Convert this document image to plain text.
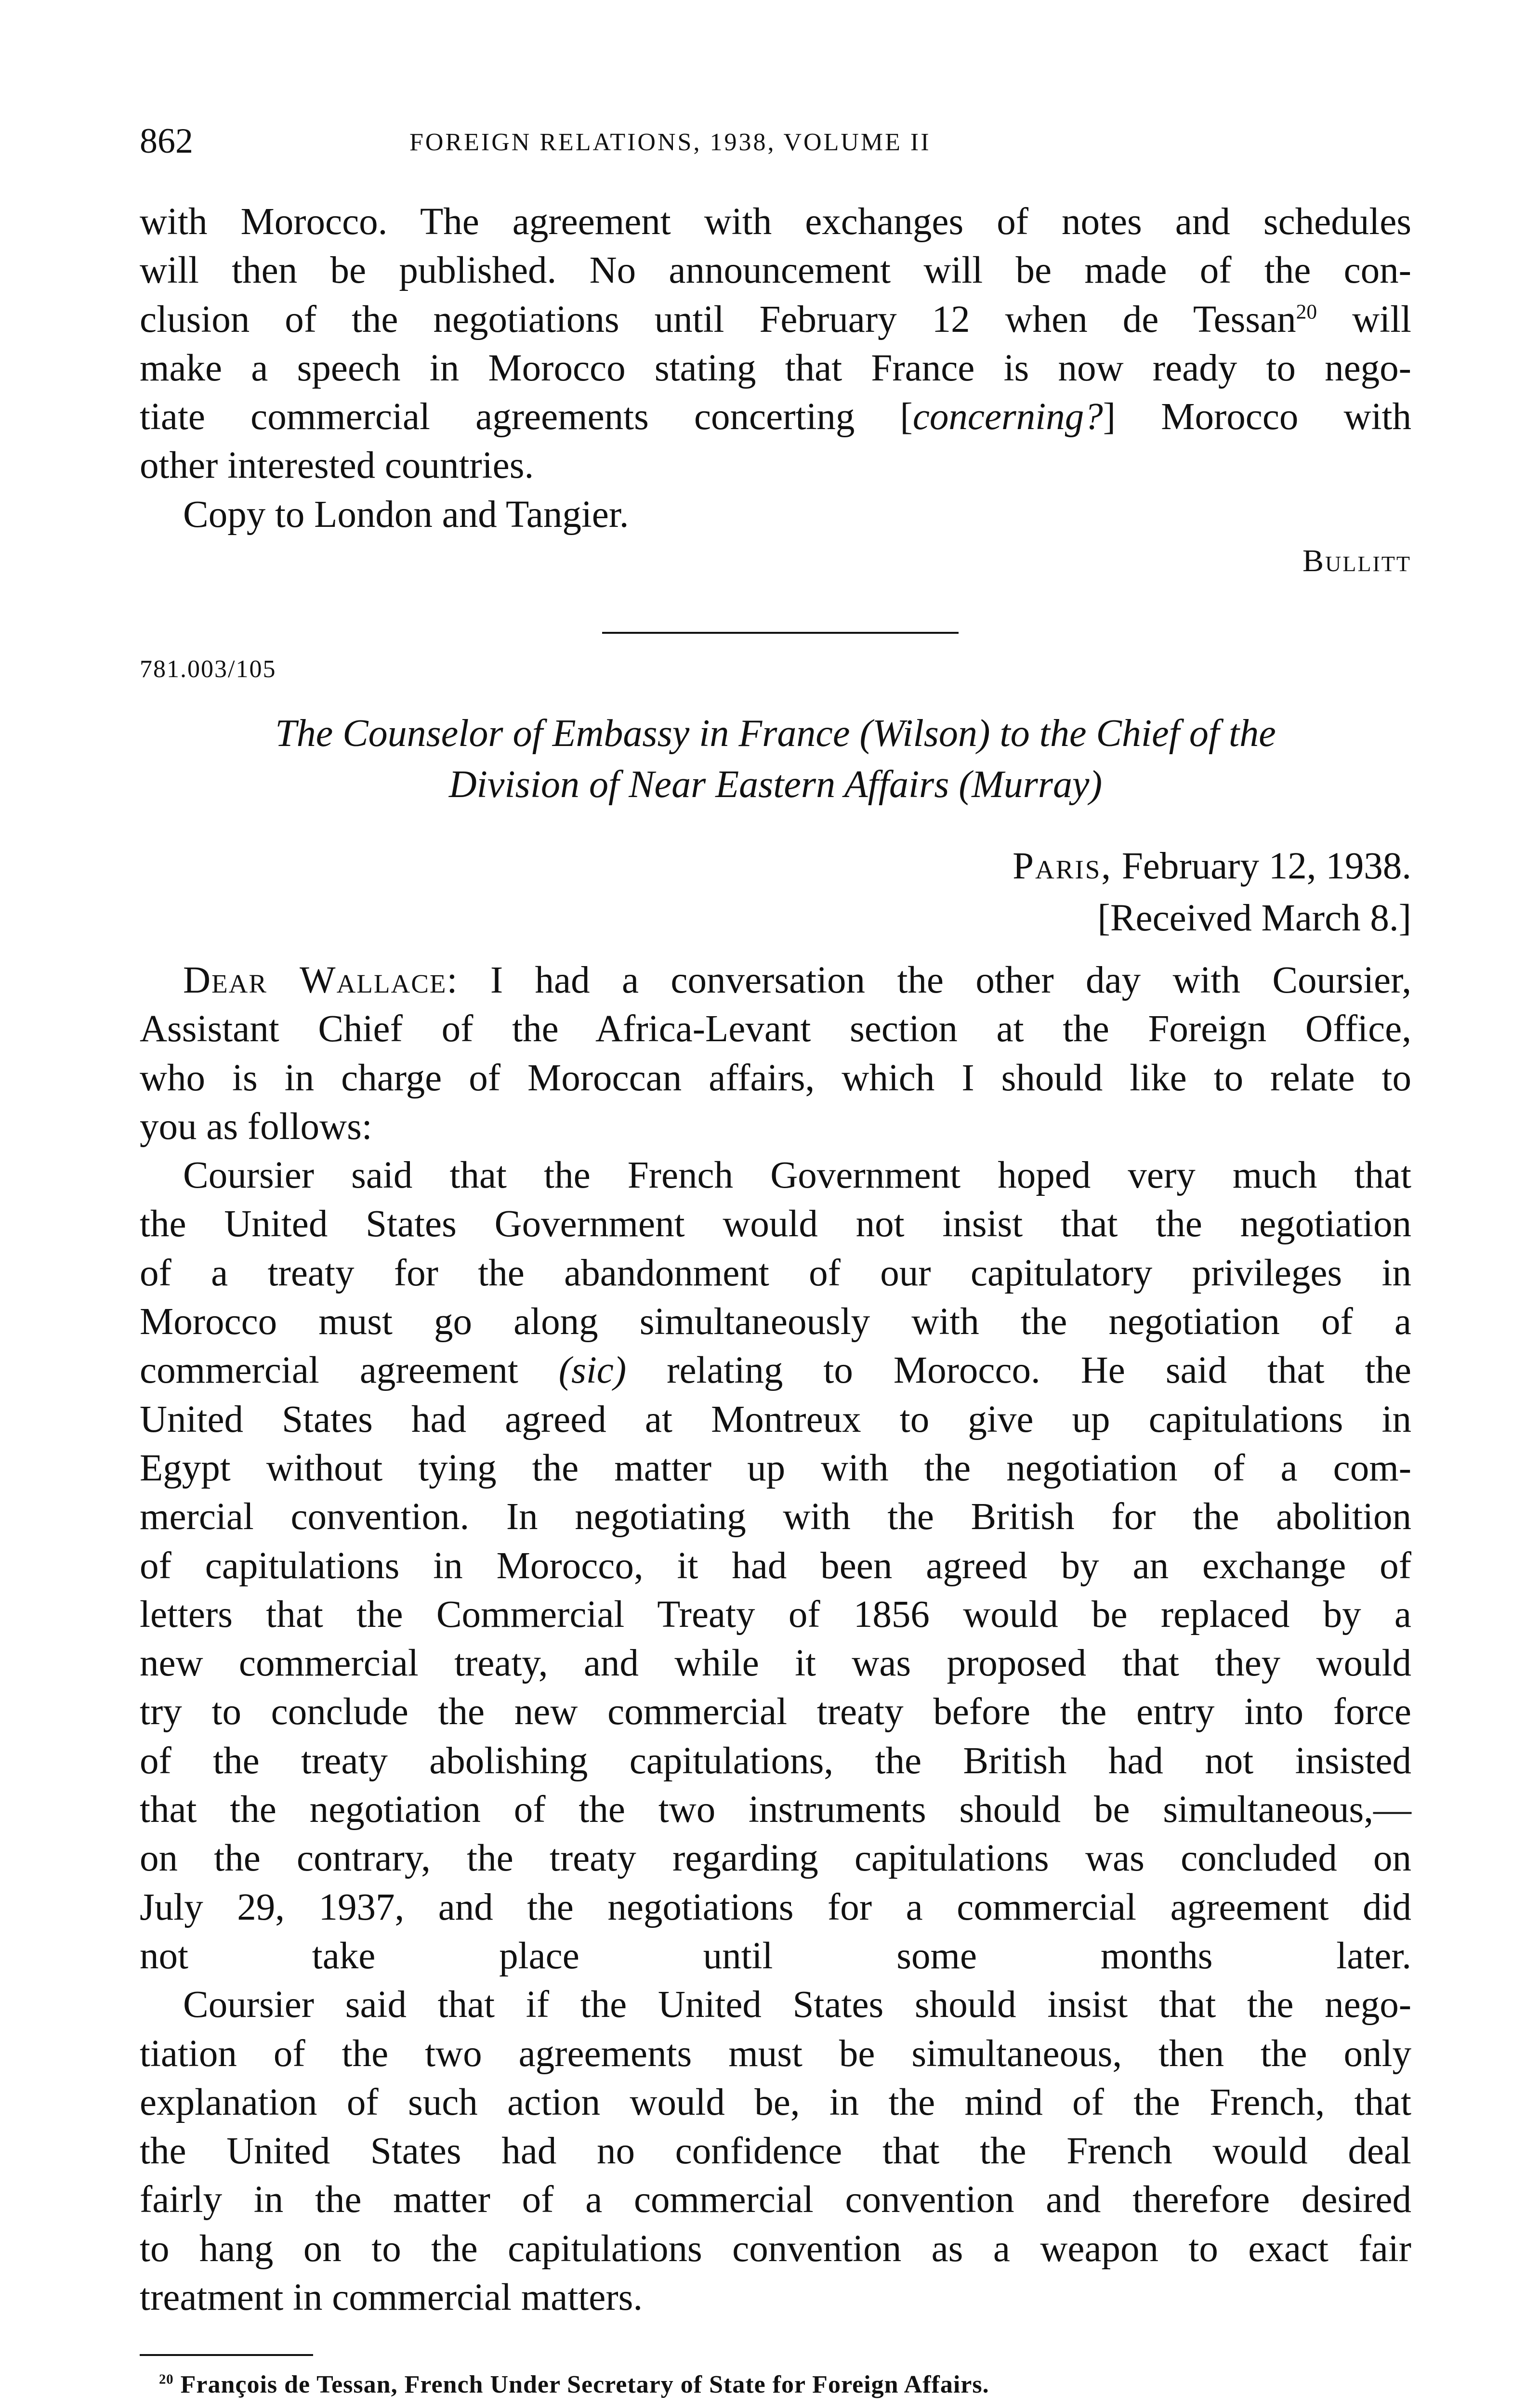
862	FOREIGN RELATIONS, 1938, VOLUME II
with Morocco. The agreement with exchanges of notes and schedules
will then be published. No announcement will be made of the con-
clusion of the negotiations until February 12 when de Tessan$^{20}$ will
make a speech in Morocco stating that France is now ready to nego-
tiate commercial agreements concerting [concerning?] Morocco with
other interested countries.
Copy to London and Tangier.
Bullitt
781.003/105
The Counselor of Embassy in France (Wilson) to the Chief of the
Division of Near Eastern Affairs (Murray)
Paris, February 12, 1938.
[Received March 8.]
Dear Wallace: I had a conversation the other day with Coursier,
Assistant Chief of the Africa-Levant section at the Foreign Office,
who is in charge of Moroccan affairs, which I should like to relate to
you as follows:
Coursier said that the French Government hoped very much that
the United States Government would not insist that the negotiation
of a treaty for the abandonment of our capitulatory privileges in
Morocco must go along simultaneously with the negotiation of a
commercial agreement (sic) relating to Morocco. He said that the
United States had agreed at Montreux to give up capitulations in
Egypt without tying the matter up with the negotiation of a com-
mercial convention. In negotiating with the British for the abolition
of capitulations in Morocco, it had been agreed by an exchange of
letters that the Commercial Treaty of 1856 would be replaced by a
new commercial treaty, and while it was proposed that they would
try to conclude the new commercial treaty before the entry into force
of the treaty abolishing capitulations, the British had not insisted
that the negotiation of the two instruments should be simultaneous,—
on the contrary, the treaty regarding capitulations was concluded on
July 29, 1937, and the negotiations for a commercial agreement did
not take place until some months later.
Coursier said that if the United States should insist that the nego-
tiation of the two agreements must be simultaneous, then the only
explanation of such action would be, in the mind of the French, that
the United States had no confidence that the French would deal
fairly in the matter of a commercial convention and therefore desired
to hang on to the capitulations convention as a weapon to exact fair
treatment in commercial matters.
$^{20}$ François de Tessan, French Under Secretary of State for Foreign Affairs.
